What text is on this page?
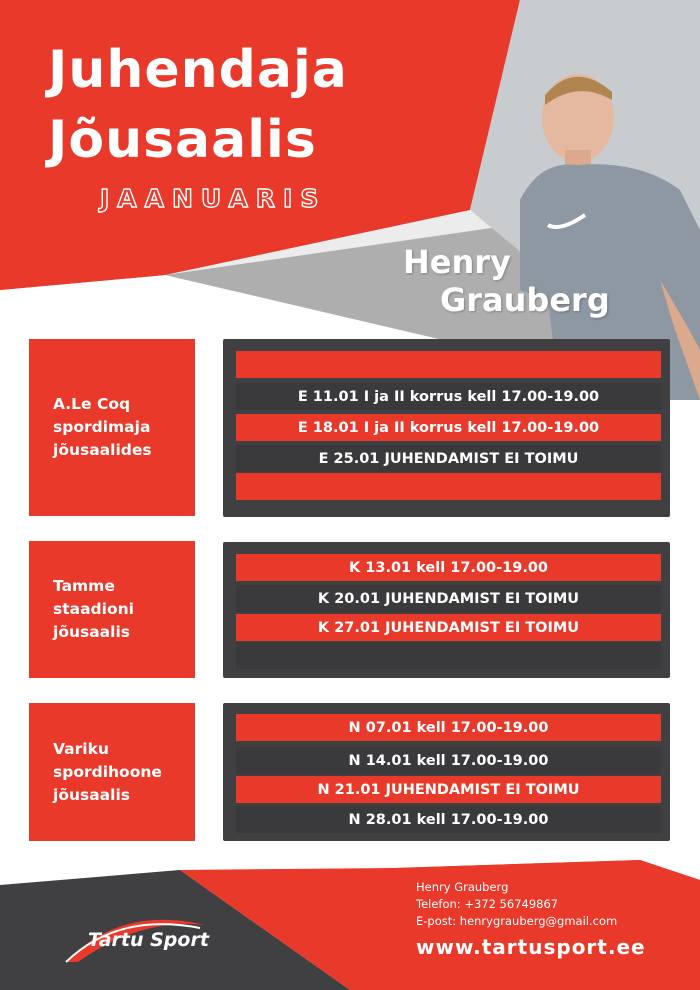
Juhendaja
Jõusaalis
JAANUARIS
Henry
Grauberg
A.Le Coq
spordimaja
jõusaalides
E 11.01 I ja II korrus kell 17.00-19.00
E 18.01 I ja II korrus kell 17.00-19.00
E 25.01 JUHENDAMIST EI TOIMU
Tamme
staadioni
jõusaalis
K 13.01 kell 17.00-19.00
K 20.01 JUHENDAMIST EI TOIMU
K 27.01 JUHENDAMIST EI TOIMU
Variku
spordihoone
jõusaalis
N 07.01 kell 17.00-19.00
N 14.01 kell 17.00-19.00
N 21.01 JUHENDAMIST EI TOIMU
N 28.01 kell 17.00-19.00
Henry Grauberg
Telefon: +372 56749867
E-post: henrygrauberg@gmail.com
www.tartusport.ee
Tartu Sport
